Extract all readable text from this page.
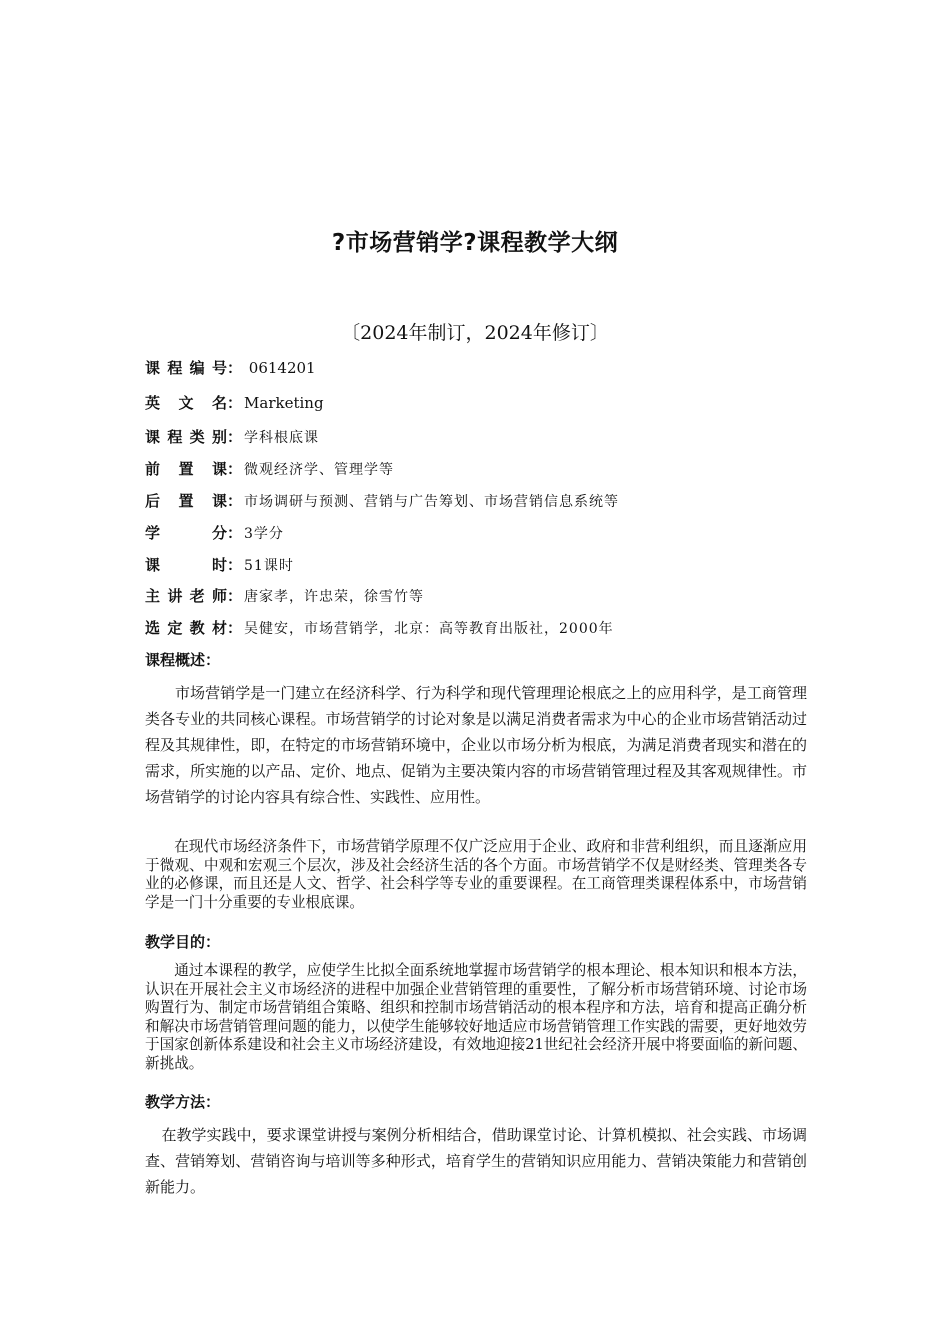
?市场营销学?课程教学大纲
〔2024年制订，2024年修订〕
课程编号： 0614201
英 文 名： Marketing
课程类别： 学科根底课
前 置 课： 微观经济学、管理学等
后 置 课： 市场调研与预测、营销与广告筹划、市场营销信息系统等
学 分： 3学分
课 时： 51课时
主讲老师： 唐家孝，许忠荣，徐雪竹等
选定教材： 吴健安，市场营销学，北京：高等教育出版社，2000年
课程概述：
市场营销学是一门建立在经济科学、行为科学和现代管理理论根底之上的应用科学，是工商管理类各专业的共同核心课程。市场营销学的讨论对象是以满足消费者需求为中心的企业市场营销活动过程及其规律性，即，在特定的市场营销环境中，企业以市场分析为根底，为满足消费者现实和潜在的需求，所实施的以产品、定价、地点、促销为主要决策内容的市场营销管理过程及其客观规律性。市场营销学的讨论内容具有综合性、实践性、应用性。
在现代市场经济条件下，市场营销学原理不仅广泛应用于企业、政府和非营利组织，而且逐渐应用于微观、中观和宏观三个层次，涉及社会经济生活的各个方面。市场营销学不仅是财经类、管理类各专业的必修课，而且还是人文、哲学、社会科学等专业的重要课程。在工商管理类课程体系中，市场营销学是一门十分重要的专业根底课。
教学目的：
通过本课程的教学，应使学生比拟全面系统地掌握市场营销学的根本理论、根本知识和根本方法，认识在开展社会主义市场经济的进程中加强企业营销管理的重要性，了解分析市场营销环境、讨论市场购置行为、制定市场营销组合策略、组织和控制市场营销活动的根本程序和方法，培育和提高正确分析和解决市场营销管理问题的能力，以使学生能够较好地适应市场营销管理工作实践的需要，更好地效劳于国家创新体系建设和社会主义市场经济建设，有效地迎接21世纪社会经济开展中将要面临的新问题、新挑战。
教学方法：
在教学实践中，要求课堂讲授与案例分析相结合，借助课堂讨论、计算机模拟、社会实践、市场调查、营销筹划、营销咨询与培训等多种形式，培育学生的营销知识应用能力、营销决策能力和营销创新能力。
